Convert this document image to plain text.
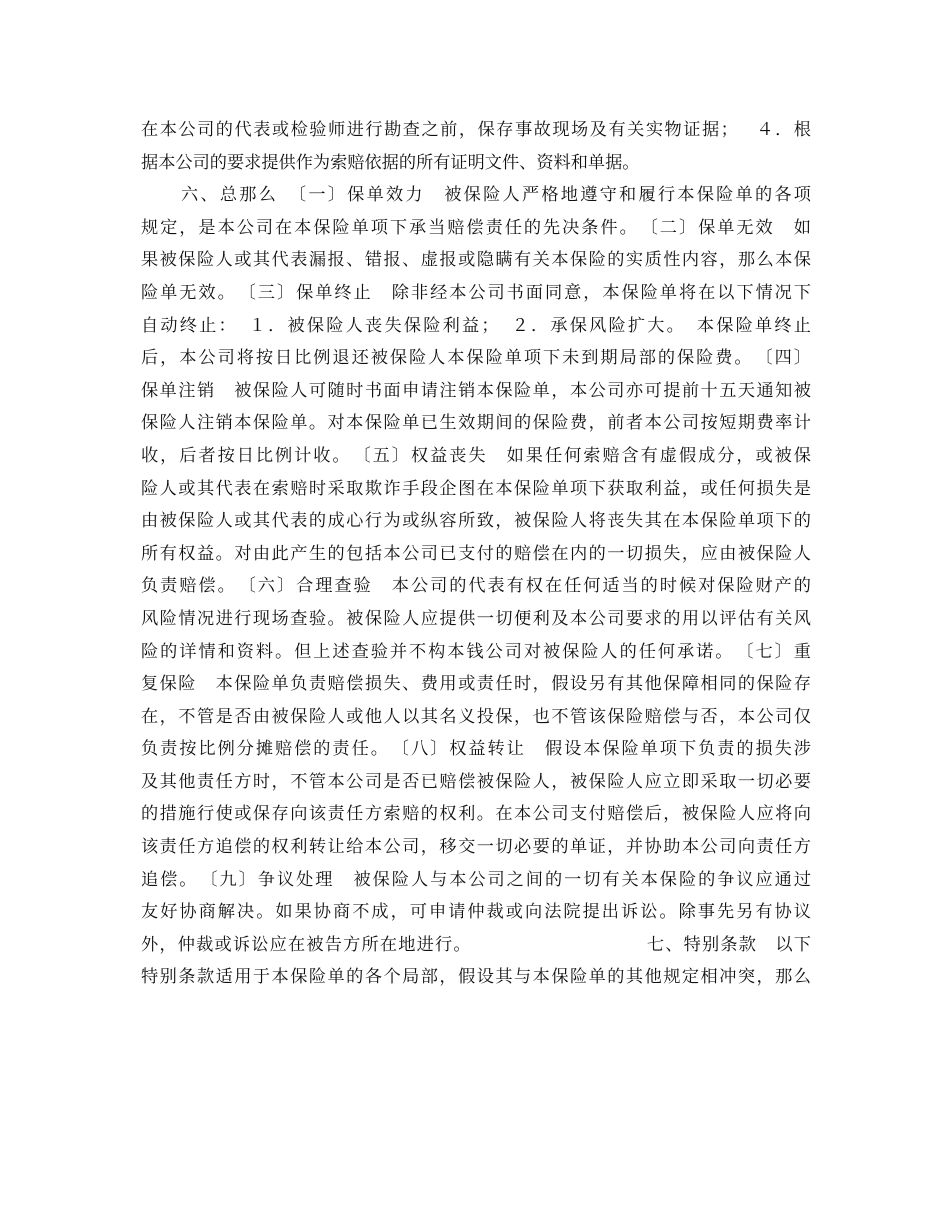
在本公司的代表或检验师进行勘查之前，保存事故现场及有关实物证据；　 ４．根
据本公司的要求提供作为索赔依据的所有证明文件、资料和单据。
六、总那么　〔一〕保单效力　被保险人严格地遵守和履行本保险单的各项
规定，是本公司在本保险单项下承当赔偿责任的先决条件。　〔二〕保单无效　如
果被保险人或其代表漏报、错报、虚报或隐瞒有关本保险的实质性内容，那么本保
险单无效。　〔三〕保单终止　除非经本公司书面同意，本保险单将在以下情况下
自动终止：　１．被保险人丧失保险利益；　２．承保风险扩大。　本保险单终止
后，本公司将按日比例退还被保险人本保险单项下未到期局部的保险费。　〔四〕
保单注销　被保险人可随时书面申请注销本保险单，本公司亦可提前十五天通知被
保险人注销本保险单。对本保险单已生效期间的保险费，前者本公司按短期费率计
收，后者按日比例计收。　〔五〕权益丧失　如果任何索赔含有虚假成分，或被保
险人或其代表在索赔时采取欺诈手段企图在本保险单项下获取利益，或任何损失是
由被保险人或其代表的成心行为或纵容所致，被保险人将丧失其在本保险单项下的
所有权益。对由此产生的包括本公司已支付的赔偿在内的一切损失，应由被保险人
负责赔偿。　〔六〕合理查验　本公司的代表有权在任何适当的时候对保险财产的
风险情况进行现场查验。被保险人应提供一切便利及本公司要求的用以评估有关风
险的详情和资料。但上述查验并不构本钱公司对被保险人的任何承诺。　〔七〕重
复保险　本保险单负责赔偿损失、费用或责任时，假设另有其他保障相同的保险存
在，不管是否由被保险人或他人以其名义投保，也不管该保险赔偿与否，本公司仅
负责按比例分摊赔偿的责任。　〔八〕权益转让　假设本保险单项下负责的损失涉
及其他责任方时，不管本公司是否已赔偿被保险人，被保险人应立即采取一切必要
的措施行使或保存向该责任方索赔的权利。在本公司支付赔偿后，被保险人应将向
该责任方追偿的权利转让给本公司，移交一切必要的单证，并协助本公司向责任方
追偿。　〔九〕争议处理　被保险人与本公司之间的一切有关本保险的争议应通过
友好协商解决。如果协商不成，可申请仲裁或向法院提出诉讼。除事先另有协议
外，仲裁或诉讼应在被告方所在地进行。　　　　　　　　　　七、特别条款　以下
特别条款适用于本保险单的各个局部，假设其与本保险单的其他规定相冲突，那么
